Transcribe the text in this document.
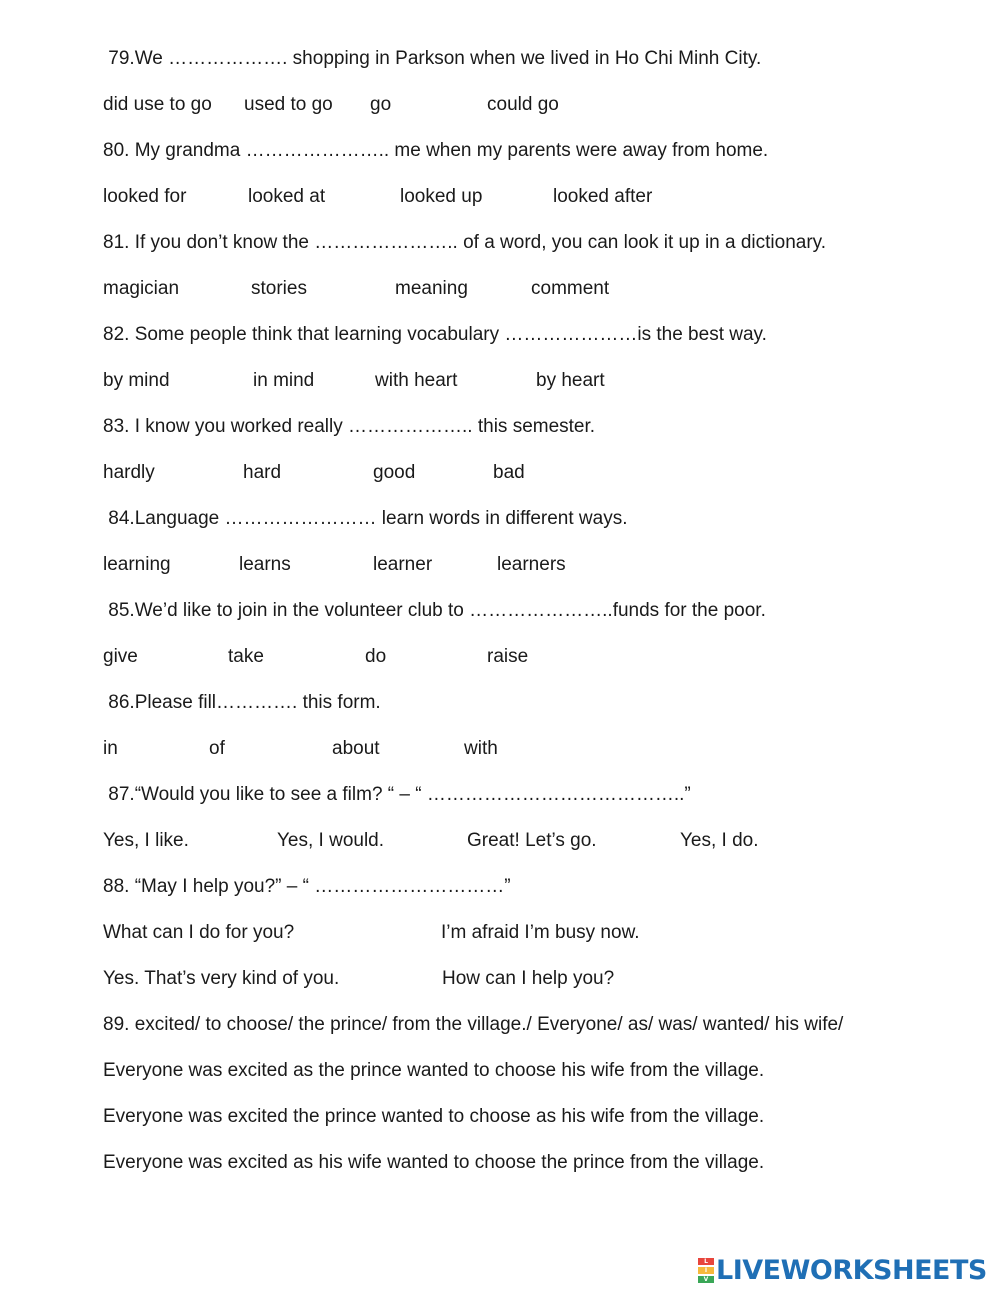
79.We ………………. shopping in Parkson when we lived in Ho Chi Minh City.
did use to go used to go go	could go
80. My grandma ………………….. me when my parents were away from home.
looked for	looked at	looked up	looked after
81. If you don’t know the ………………….. of a word, you can look it up in a dictionary.
magician	stories	meaning	comment
82. Some people think that learning vocabulary …………………is the best way.
by mind	in mind	with heart	by heart
83. I know you worked really ……………….. this semester.
hardly	hard	good	bad
84.Language …………………… learn words in different ways.
learning	learns	learner	learners
85.We’d like to join in the volunteer club to …………………..funds for the poor.
give	take	do	raise
86.Please fill…………. this form.
in	of	about	with
87.“Would you like to see a film? “ – “ …………………………………..”
Yes, I like.	Yes, I would.	Great! Let’s go.	Yes, I do.
88. “May I help you?” – “ …………………………”
What can I do for you?	I’m afraid I’m busy now.
Yes. That’s very kind of you.	How can I help you?
89. excited/ to choose/ the prince/ from the village./ Everyone/ as/ was/ wanted/ his wife/
Everyone was excited as the prince wanted to choose his wife from the village.
Everyone was excited the prince wanted to choose as his wife from the village.
Everyone was excited as his wife wanted to choose the prince from the village.
L
I
V LIVEWORKSHEETS
